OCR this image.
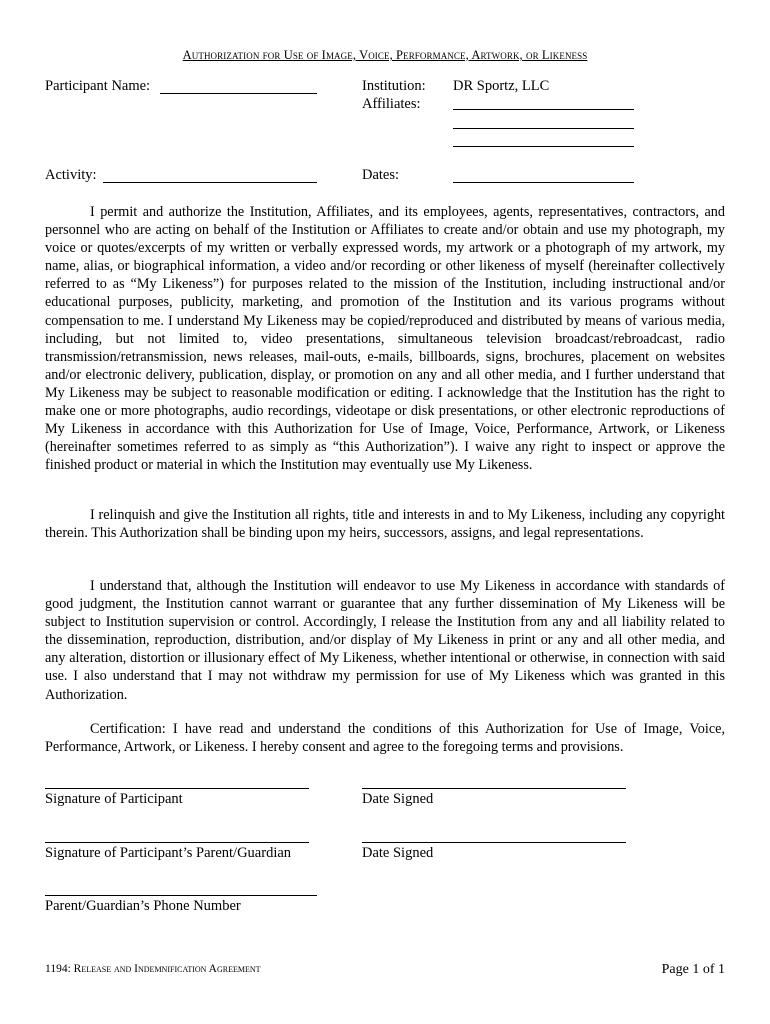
Authorization for Use of Image, Voice, Performance, Artwork, or Likeness
Participant Name:	Institution: DR Sportz, LLC
Affiliates:
Activity:	Dates:

I permit and authorize the Institution, Affiliates, and its employees, agents, representatives, contractors, and personnel who are acting on behalf of the Institution or Affiliates to create and/or obtain and use my photograph, my voice or quotes/excerpts of my written or verbally expressed words, my artwork or a photograph of my artwork, my name, alias, or biographical information, a video and/or recording or other likeness of myself (hereinafter collectively referred to as “My Likeness”) for purposes related to the mission of the Institution, including instructional and/or educational purposes, publicity, marketing, and promotion of the Institution and its various programs without compensation to me. I understand My Likeness may be copied/reproduced and distributed by means of various media, including, but not limited to, video presentations, simultaneous television broadcast/rebroadcast, radio transmission/retransmission, news releases, mail-outs, e-mails, billboards, signs, brochures, placement on websites and/or electronic delivery, publication, display, or promotion on any and all other media, and I further understand that My Likeness may be subject to reasonable modification or editing. I acknowledge that the Institution has the right to make one or more photographs, audio recordings, videotape or disk presentations, or other electronic reproductions of My Likeness in accordance with this Authorization for Use of Image, Voice, Performance, Artwork, or Likeness (hereinafter sometimes referred to as simply as “this Authorization”). I waive any right to inspect or approve the finished product or material in which the Institution may eventually use My Likeness.

I relinquish and give the Institution all rights, title and interests in and to My Likeness, including any copyright therein. This Authorization shall be binding upon my heirs, successors, assigns, and legal representations.

I understand that, although the Institution will endeavor to use My Likeness in accordance with standards of good judgment, the Institution cannot warrant or guarantee that any further dissemination of My Likeness will be subject to Institution supervision or control. Accordingly, I release the Institution from any and all liability related to the dissemination, reproduction, distribution, and/or display of My Likeness in print or any and all other media, and any alteration, distortion or illusionary effect of My Likeness, whether intentional or otherwise, in connection with said use. I also understand that I may not withdraw my permission for use of My Likeness which was granted in this Authorization.

Certification: I have read and understand the conditions of this Authorization for Use of Image, Voice, Performance, Artwork, or Likeness. I hereby consent and agree to the foregoing terms and provisions.

Signature of Participant	Date Signed
Signature of Participant’s Parent/Guardian	Date Signed
Parent/Guardian’s Phone Number
1194: Release and Indemnification Agreement	Page 1 of 1
